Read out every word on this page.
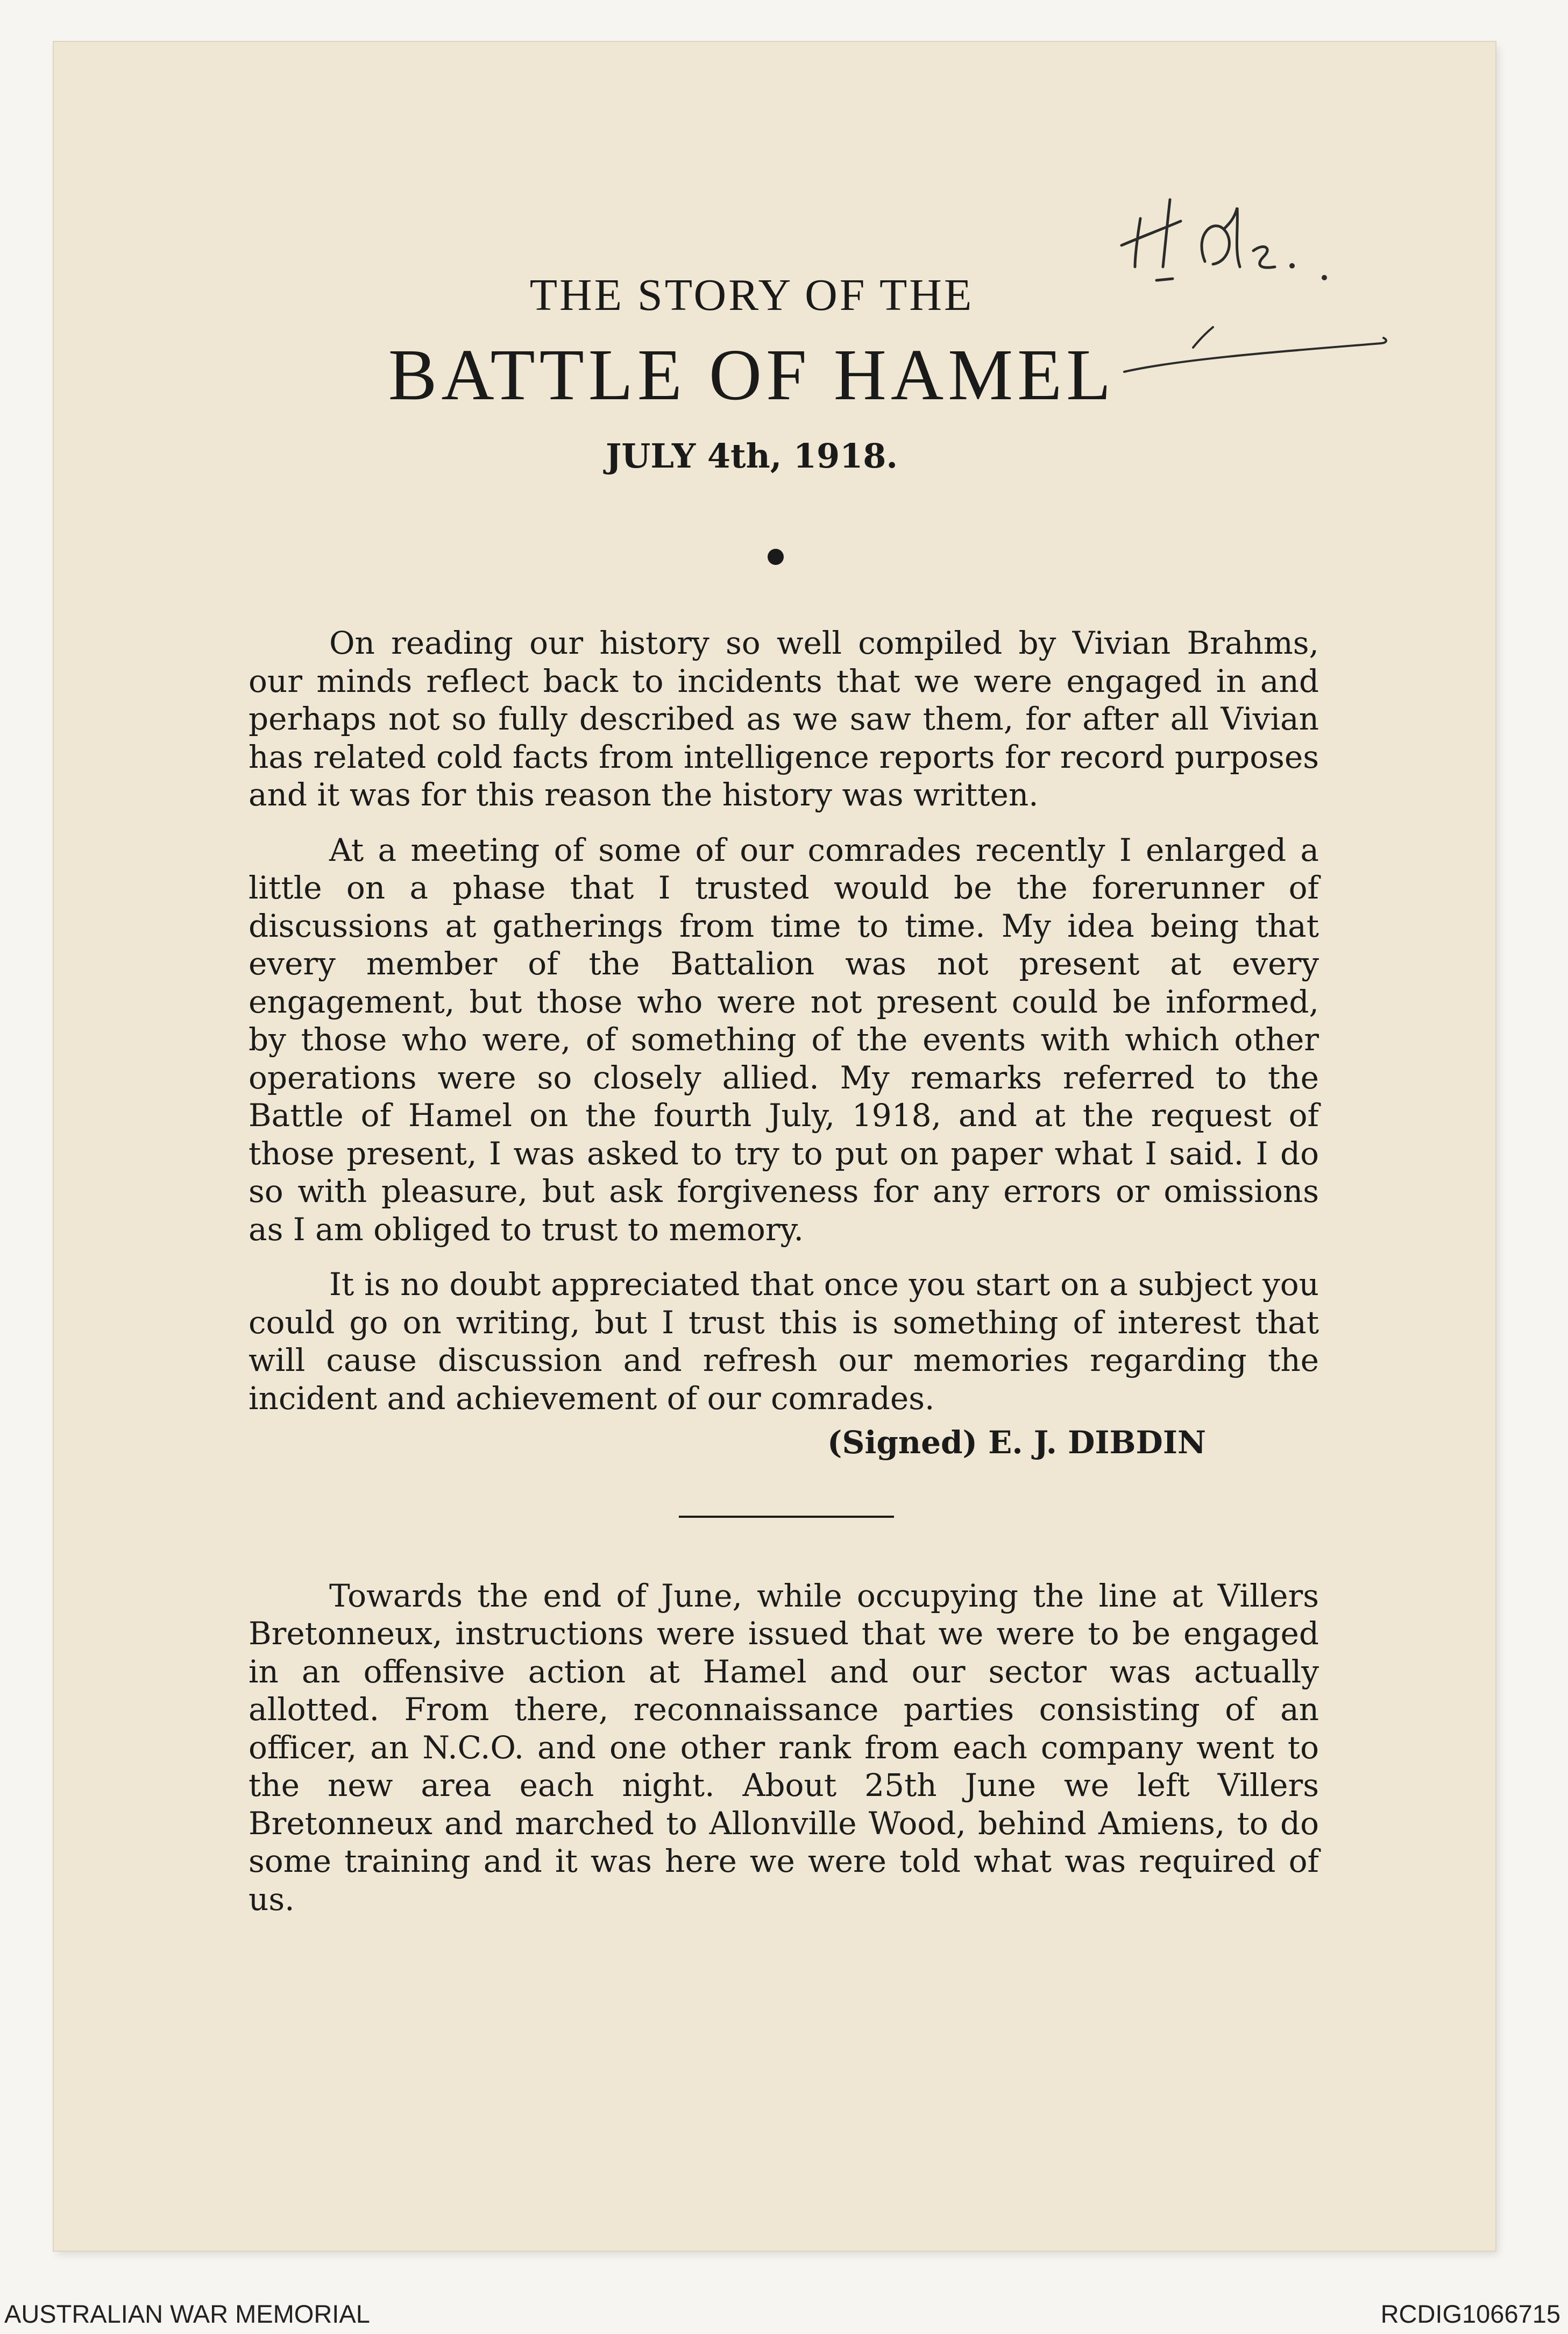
THE STORY OF THE
BATTLE OF HAMEL
JULY 4th, 1918.

On reading our history so well compiled by Vivian Brahms, our minds reflect back to incidents that we were engaged in and perhaps not so fully described as we saw them, for after all Vivian has related cold facts from intelligence reports for record purposes and it was for this reason the history was written.

At a meeting of some of our comrades recently I enlarged a little on a phase that I trusted would be the forerunner of discussions at gatherings from time to time. My idea being that every member of the Battalion was not present at every engagement, but those who were not present could be informed, by those who were, of something of the events with which other operations were so closely allied. My remarks referred to the Battle of Hamel on the fourth July, 1918, and at the request of those present, I was asked to try to put on paper what I said. I do so with pleasure, but ask forgiveness for any errors or omissions as I am obliged to trust to memory.

It is no doubt appreciated that once you start on a subject you could go on writing, but I trust this is something of interest that will cause discussion and refresh our memories regarding the incident and achievement of our comrades.

(Signed) E. J. DIBDIN

Towards the end of June, while occupying the line at Villers Bretonneux, instructions were issued that we were to be engaged in an offensive action at Hamel and our sector was actually allotted. From there, reconnaissance parties consisting of an officer, an N.C.O. and one other rank from each company went to the new area each night. About 25th June we left Villers Bretonneux and marched to Allonville Wood, behind Amiens, to do some training and it was here we were told what was required of us.

AUSTRALIAN WAR MEMORIAL	RCDIG1066715
